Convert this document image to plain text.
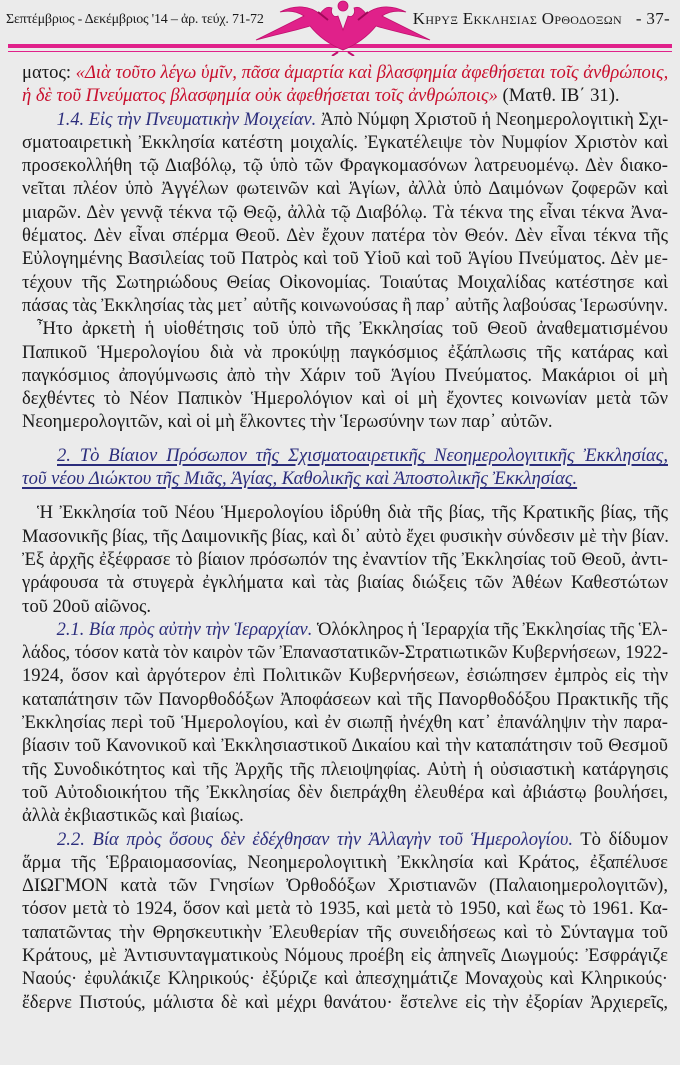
Σεπτέμβριος - Δεκέμβριος '14 – ἀρ. τεύχ. 71-72	Κηρυξ Εκκλησιας Ορθοδοξων - 37-
ματος: «Διὰ τοῦτο λέγω ὑμῖν, πᾶσα ἁμαρτία καὶ βλασφημία ἀφεθήσεται τοῖς ἀνθρώποις,
ἡ δὲ τοῦ Πνεύματος βλασφημία οὐκ ἀφεθήσεται τοῖς ἀνθρώποις» (Ματθ. ΙΒ΄ 31).
1.4. Εἰς τὴν Πνευματικὴν Μοιχείαν. Ἀπὸ Νύμφη Χριστοῦ ἡ Νεοημερολογιτικὴ Σχι-
σματοαιρετικὴ Ἐκκλησία κατέστη μοιχαλίς. Ἐγκατέλειψε τὸν Νυμφίον Χριστὸν καὶ
προσεκολλήθη τῷ Διαβόλῳ, τῷ ὑπὸ τῶν Φραγκομασόνων λατρευομένῳ. Δὲν διακο-
νεῖται πλέον ὑπὸ Ἀγγέλων φωτεινῶν καὶ Ἁγίων, ἀλλὰ ὑπὸ Δαιμόνων ζοφερῶν καὶ
μιαρῶν. Δὲν γεννᾷ τέκνα τῷ Θεῷ, ἀλλὰ τῷ Διαβόλῳ. Τὰ τέκνα της εἶναι τέκνα Ἀνα-
θέματος. Δὲν εἶναι σπέρμα Θεοῦ. Δὲν ἔχουν πατέρα τὸν Θεόν. Δὲν εἶναι τέκνα τῆς
Εὐλογημένης Βασιλείας τοῦ Πατρὸς καὶ τοῦ Υἱοῦ καὶ τοῦ Ἁγίου Πνεύματος. Δὲν με-
τέχουν τῆς Σωτηριώδους Θείας Οἰκονομίας. Τοιαύτας Μοιχαλίδας κατέστησε καὶ
πάσας τὰς Ἐκκλησίας τὰς μετ᾽ αὐτῆς κοινωνούσας ἢ παρ᾽ αὐτῆς λαβούσας Ἱερωσύνην.
Ἦτο ἀρκετὴ ἡ υἱοθέτησις τοῦ ὑπὸ τῆς Ἐκκλησίας τοῦ Θεοῦ ἀναθεματισμένου
Παπικοῦ Ἡμερολογίου διὰ νὰ προκύψῃ παγκόσμιος ἐξάπλωσις τῆς κατάρας καὶ
παγκόσμιος ἀπογύμνωσις ἀπὸ τὴν Χάριν τοῦ Ἁγίου Πνεύματος. Μακάριοι οἱ μὴ
δεχθέντες τὸ Νέον Παπικὸν Ἡμερολόγιον καὶ οἱ μὴ ἔχοντες κοινωνίαν μετὰ τῶν
Νεοημερολογιτῶν, καὶ οἱ μὴ ἕλκοντες τὴν Ἱερωσύνην των παρ᾽ αὐτῶν.
2. Τὸ Βίαιον Πρόσωπον τῆς Σχισματοαιρετικῆς Νεοημερολογιτικῆς Ἐκκλησίας,
τοῦ νέου Διώκτου τῆς Μιᾶς, Ἁγίας, Καθολικῆς καὶ Ἀποστολικῆς Ἐκκλησίας.
Ἡ Ἐκκλησία τοῦ Νέου Ἡμερολογίου ἱδρύθη διὰ τῆς βίας, τῆς Κρατικῆς βίας, τῆς
Μασονικῆς βίας, τῆς Δαιμονικῆς βίας, καὶ δι᾽ αὐτὸ ἔχει φυσικὴν σύνδεσιν μὲ τὴν βίαν.
Ἐξ ἀρχῆς ἐξέφρασε τὸ βίαιον πρόσωπόν της ἐναντίον τῆς Ἐκκλησίας τοῦ Θεοῦ, ἀντι-
γράφουσα τὰ στυγερὰ ἐγκλήματα καὶ τὰς βιαίας διώξεις τῶν Ἀθέων Καθεστώτων
τοῦ 20οῦ αἰῶνος.
2.1. Βία πρὸς αὐτὴν τὴν Ἱεραρχίαν. Ὁλόκληρος ἡ Ἱεραρχία τῆς Ἐκκλησίας τῆς Ἑλ-
λάδος, τόσον κατὰ τὸν καιρὸν τῶν Ἐπαναστατικῶν-Στρατιωτικῶν Κυβερνήσεων, 1922-
1924, ὅσον καὶ ἀργότερον ἐπὶ Πολιτικῶν Κυβερνήσεων, ἐσιώπησεν ἐμπρὸς εἰς τὴν
καταπάτησιν τῶν Πανορθοδόξων Ἀποφάσεων καὶ τῆς Πανορθοδόξου Πρακτικῆς τῆς
Ἐκκλησίας περὶ τοῦ Ἡμερολογίου, καὶ ἐν σιωπῇ ἠνέχθη κατ᾽ ἐπανάληψιν τὴν παρα-
βίασιν τοῦ Κανονικοῦ καὶ Ἐκκλησιαστικοῦ Δικαίου καὶ τὴν καταπάτησιν τοῦ Θεσμοῦ
τῆς Συνοδικότητος καὶ τῆς Ἀρχῆς τῆς πλειοψηφίας. Αὐτὴ ἡ οὐσιαστικὴ κατάργησις
τοῦ Αὐτοδιοικήτου τῆς Ἐκκλησίας δὲν διεπράχθη ἐλευθέρα καὶ ἀβιάστῳ βουλήσει,
ἀλλὰ ἐκβιαστικῶς καὶ βιαίως.
2.2. Βία πρὸς ὅσους δὲν ἐδέχθησαν τὴν Ἀλλαγὴν τοῦ Ἡμερολογίου. Τὸ δίδυμον
ἅρμα τῆς Ἑβραιομασονίας, Νεοημερολογιτικὴ Ἐκκλησία καὶ Κράτος, ἐξαπέλυσε
ΔΙΩΓΜΟΝ κατὰ τῶν Γνησίων Ὀρθοδόξων Χριστιανῶν (Παλαιοημερολογιτῶν),
τόσον μετὰ τὸ 1924, ὅσον καὶ μετὰ τὸ 1935, καὶ μετὰ τὸ 1950, καὶ ἕως τὸ 1961. Κα-
ταπατῶντας τὴν Θρησκευτικὴν Ἐλευθερίαν τῆς συνειδήσεως καὶ τὸ Σύνταγμα τοῦ
Κράτους, μὲ Ἀντισυνταγματικοὺς Νόμους προέβη εἰς ἀπηνεῖς Διωγμούς: Ἐσφράγιζε
Ναούς· ἐφυλάκιζε Κληρικούς· ἐξύριζε καὶ ἀπεσχημάτιζε Μοναχοὺς καὶ Κληρικούς·
ἔδερνε Πιστούς, μάλιστα δὲ καὶ μέχρι θανάτου· ἔστελνε εἰς τὴν ἐξορίαν Ἀρχιερεῖς,
